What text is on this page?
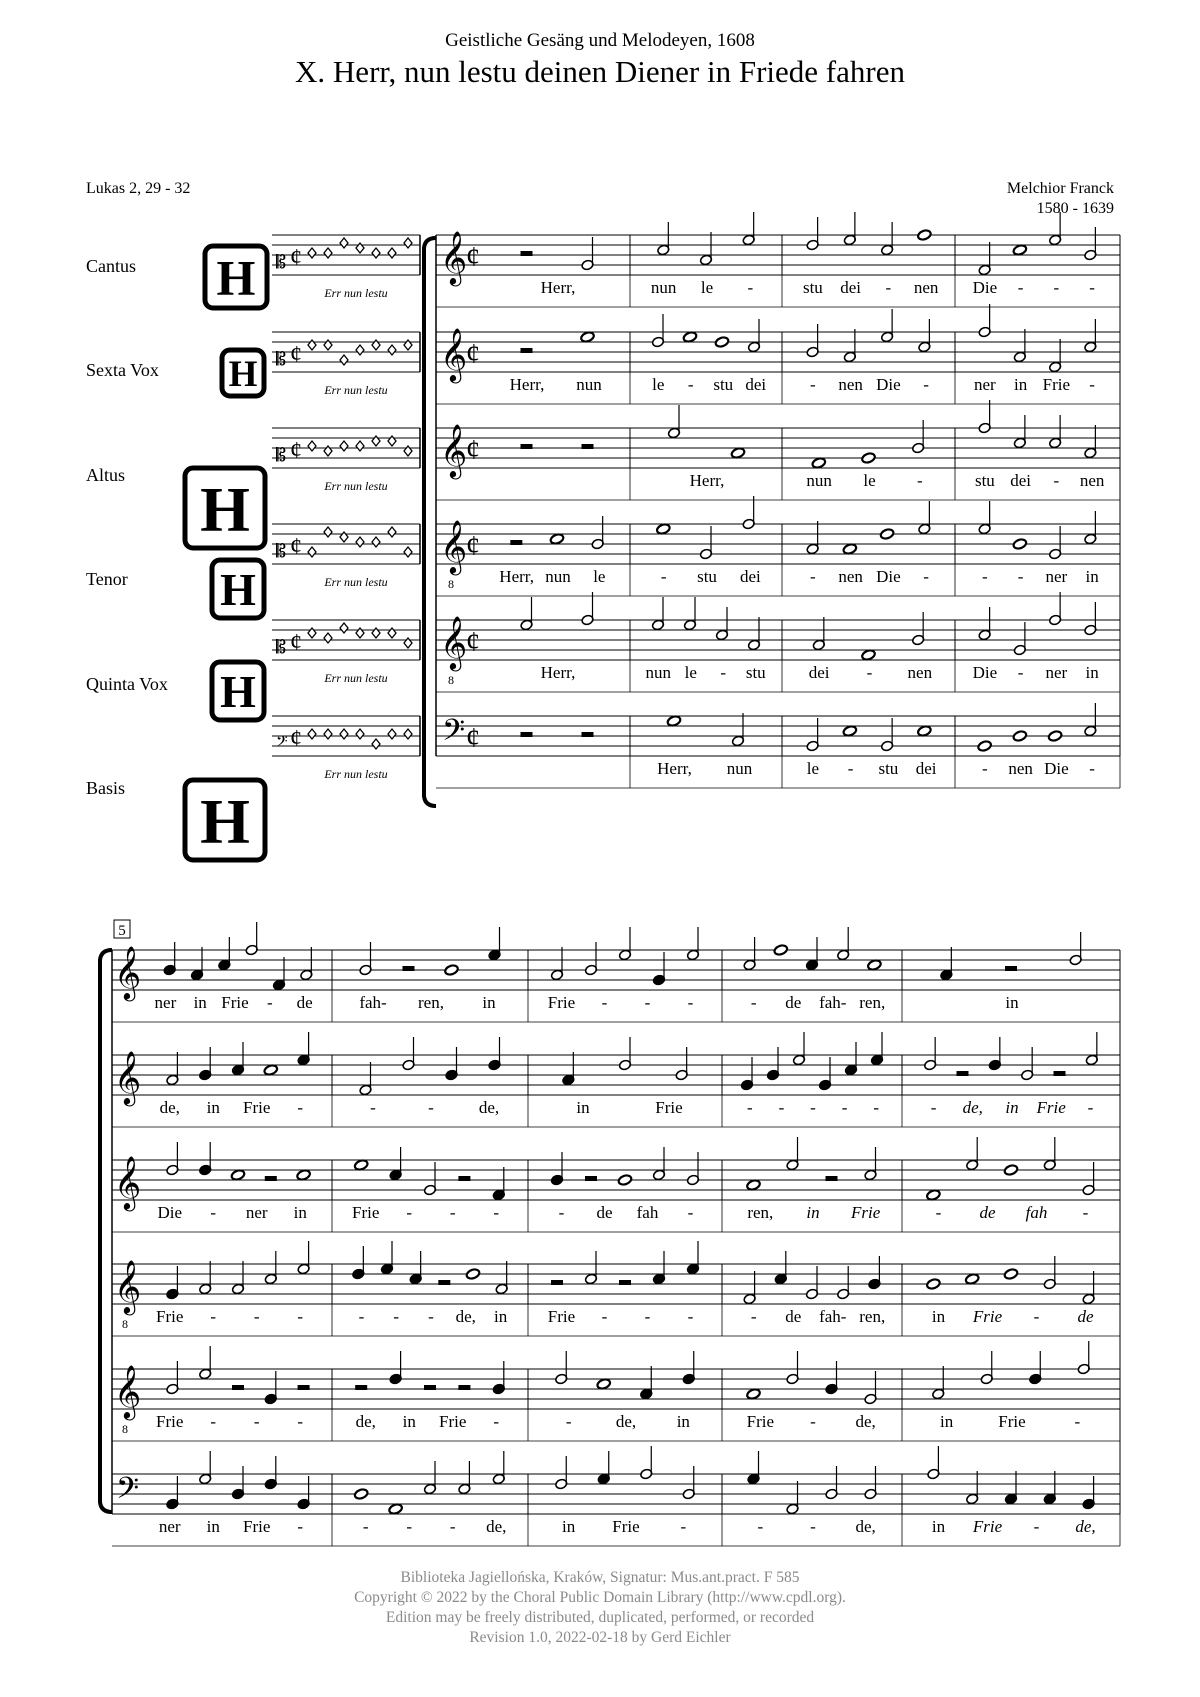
Geistliche Gesäng und Melodeyen, 1608
X. Herr, nun lestu deinen Diener in Friede fahren
Lukas 2, 29 - 32	Melchior Franck
1580 - 1639
Cantus
Sexta Vox
Altus
Tenor
Quinta Vox
Basis
H
H
H
H
H
H
𝄡 ¢
Err nun lestu
𝄞
¢
Herr,	nun le -	stu dei - nen Die - - -
𝄡 ¢
Err nun lestu
𝄞
¢
Herr, nun	le - stu dei	- nen Die -	ner in Frie -
𝄡 ¢
Err nun lestu
𝄞
¢
Herr,	nun le -	stu dei - nen
𝄡 ¢
Err nun lestu
𝄞
8
¢
Herr, nun le	- stu dei	- nen Die -	- - ner in
𝄡 ¢
Err nun lestu
𝄞
8
¢
Herr,	nun le - stu	dei - nen Die - ner in
𝄢 ¢
Err nun lestu
𝄢 ¢
Herr, nun	le - stu dei	- nen Die -
5
𝄞
ner in Frie - de	fah- ren, in	Frie - - -	- de fah- ren,	in
𝄞
de, in Frie -	-	-	de,	in	Frie	- - - - -	- de, in Frie -
𝄞
Die - ner in	Frie - - -	- de fah -	ren, in Frie	- de fah -
𝄞
8 Frie - - -	- - - de, in Frie - - -	- de fah- ren,	in Frie - de
𝄞
8 Frie - - -	de, in Frie -	-	de, in	Frie - de,	in	Frie	-
𝄢
ner in Frie -	- - - de,	in Frie -	-	- de,	in Frie - de,
Biblioteka Jagiellońska, Kraków, Signatur: Mus.ant.pract. F 585
Copyright © 2022 by the Choral Public Domain Library (http://www.cpdl.org).
Edition may be freely distributed, duplicated, performed, or recorded
Revision 1.0, 2022-02-18 by Gerd Eichler
